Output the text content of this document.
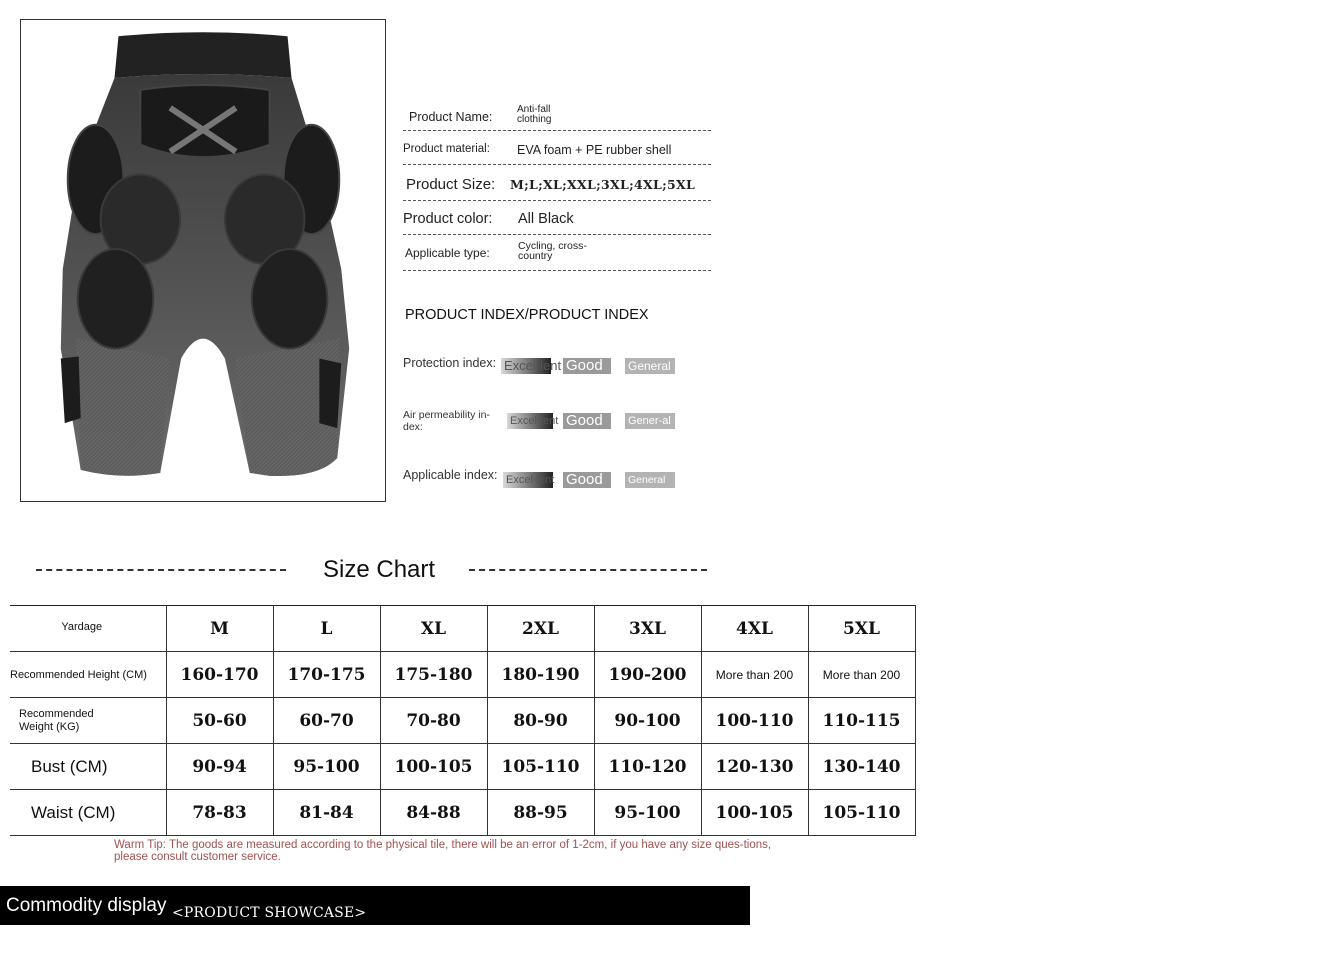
Product Name:
Anti-fall clothing
Product material: EVA foam + PE rubber shell
Product Size: M;L;XL;XXL;3XL;4XL;5XL
Product color: All Black
Applicable type:	Cycling, cross-country
PRODUCT INDEX/PRODUCT INDEX
Protection index: Excel-lent Good	General
Air permeability in-dex:	Excel-lent Good	Gener-al
Applicable index: Excel-lent Good	General
Size Chart
Yardage	M	L	XL	2XL	3XL	4XL	5XL
Recommended Height (CM)	160-170	170-175	175-180	180-190	190-200	More than 200	More than 200
Recommended Weight (KG)	50-60	60-70	70-80	80-90	90-100	100-110	110-115
Bust (CM)	90-94	95-100	100-105	105-110	110-120	120-130	130-140
Waist (CM)	78-83	81-84	84-88	88-95	95-100	100-105	105-110
Warm Tip: The goods are measured according to the physical tile, there will be an error of 1-2cm, if you have any size ques-tions, please consult customer service.
Commodity display <PRODUCT SHOWCASE>
